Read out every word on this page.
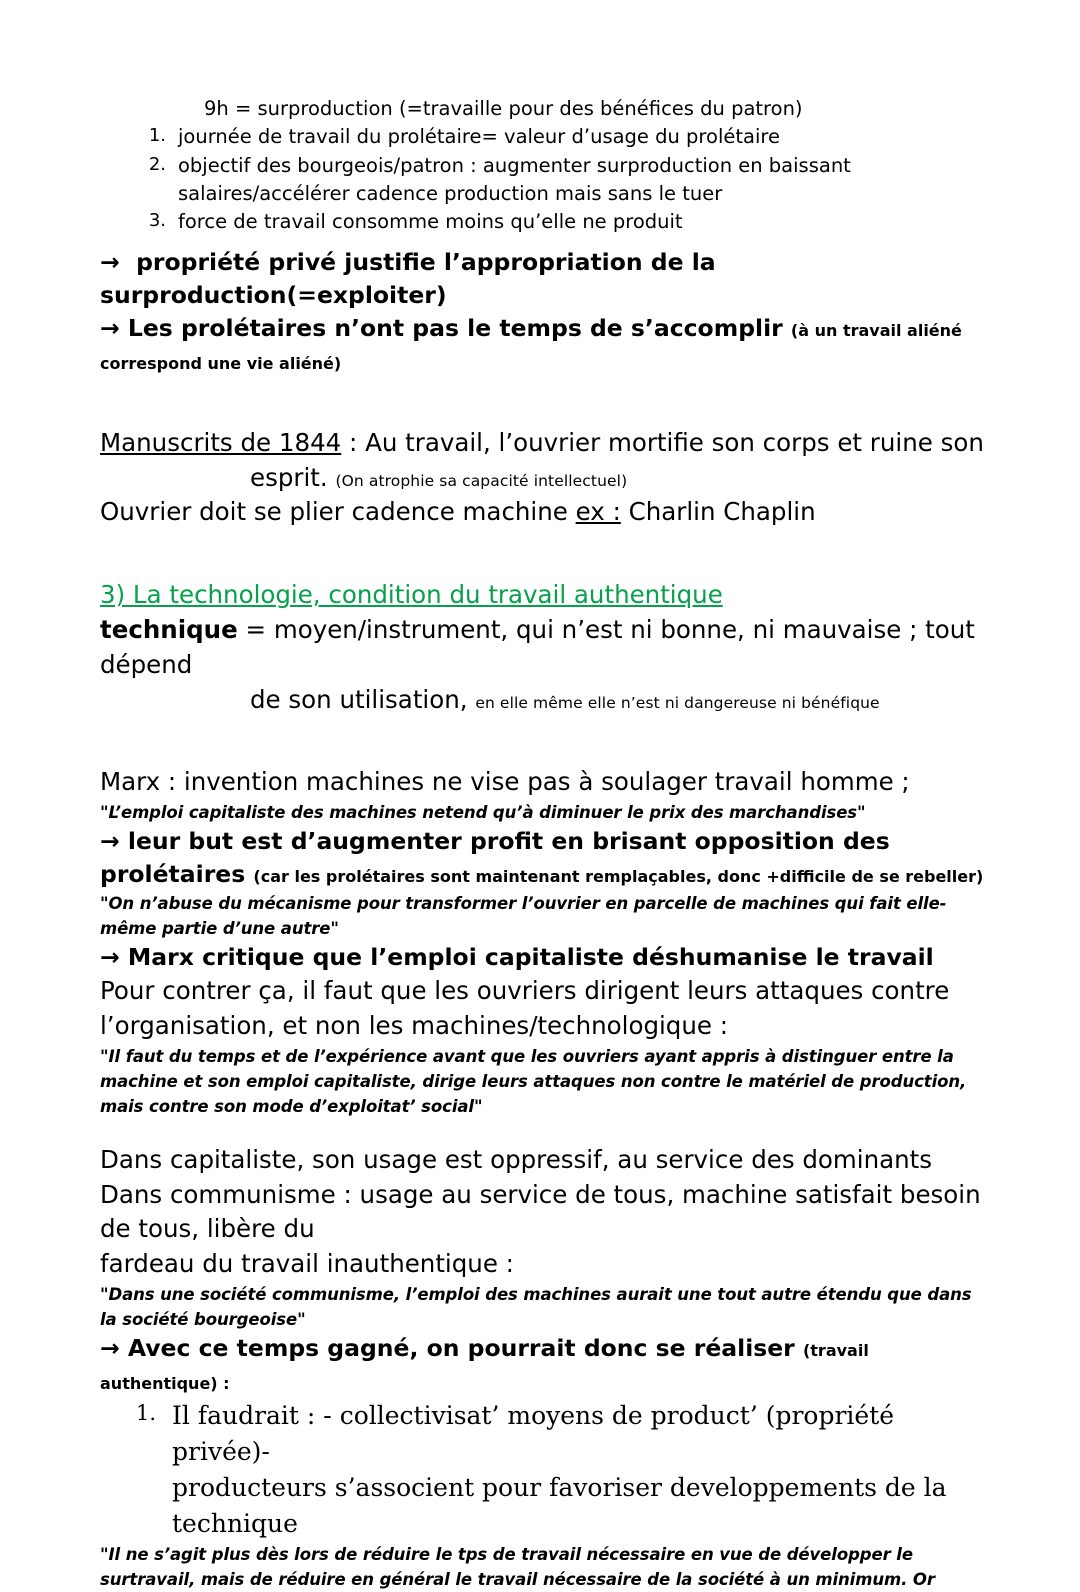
9h = surproduction (=travaille pour des bénéfices du patron)
1. journée de travail du prolétaire= valeur d’usage du prolétaire
2. objectif des bourgeois/patron : augmenter surproduction en baissant salaires/accélérer cadence production mais sans le tuer
3. force de travail consomme moins qu’elle ne produit
→ propriété privé justifie l’appropriation de la surproduction(=exploiter)
→ Les prolétaires n’ont pas le temps de s’accomplir (à un travail aliéné correspond une vie aliéné)
Manuscrits de 1844 : Au travail, l’ouvrier mortifie son corps et ruine son
esprit. (On atrophie sa capacité intellectuel)
Ouvrier doit se plier cadence machine ex : Charlin Chaplin
3) La technologie, condition du travail authentique
technique = moyen/instrument, qui n’est ni bonne, ni mauvaise ; tout dépend
de son utilisation, en elle même elle n’est ni dangereuse ni bénéfique
Marx : invention machines ne vise pas à soulager travail homme ;
"L’emploi capitaliste des machines netend qu’à diminuer le prix des marchandises"
→ leur but est d’augmenter profit en brisant opposition des prolétaires (car les prolétaires sont maintenant remplaçables, donc +difficile de se rebeller)
"On n’abuse du mécanisme pour transformer l’ouvrier en parcelle de machines qui fait elle-même partie d’une autre"
→ Marx critique que l’emploi capitaliste déshumanise le travail
Pour contrer ça, il faut que les ouvriers dirigent leurs attaques contre
l’organisation, et non les machines/technologique :
"Il faut du temps et de l’expérience avant que les ouvriers ayant appris à distinguer entre la machine et son emploi capitaliste, dirige leurs attaques non contre le matériel de production, mais contre son mode d’exploitat’ social"
Dans capitaliste, son usage est oppressif, au service des dominants
Dans communisme : usage au service de tous, machine satisfait besoin de tous, libère du
fardeau du travail inauthentique :
"Dans une société communisme, l’emploi des machines aurait une tout autre étendu que dans la société bourgeoise"
→ Avec ce temps gagné, on pourrait donc se réaliser (travail authentique) :
1. Il faudrait : - collectivisat’ moyens de product’ (propriété privée)-
producteurs s’associent pour favoriser developpements de la technique
"Il ne s’agit plus dès lors de réduire le tps de travail nécessaire en vue de développer le surtravail, mais de réduire en général le travail nécessaire de la société à un minimum. Or
